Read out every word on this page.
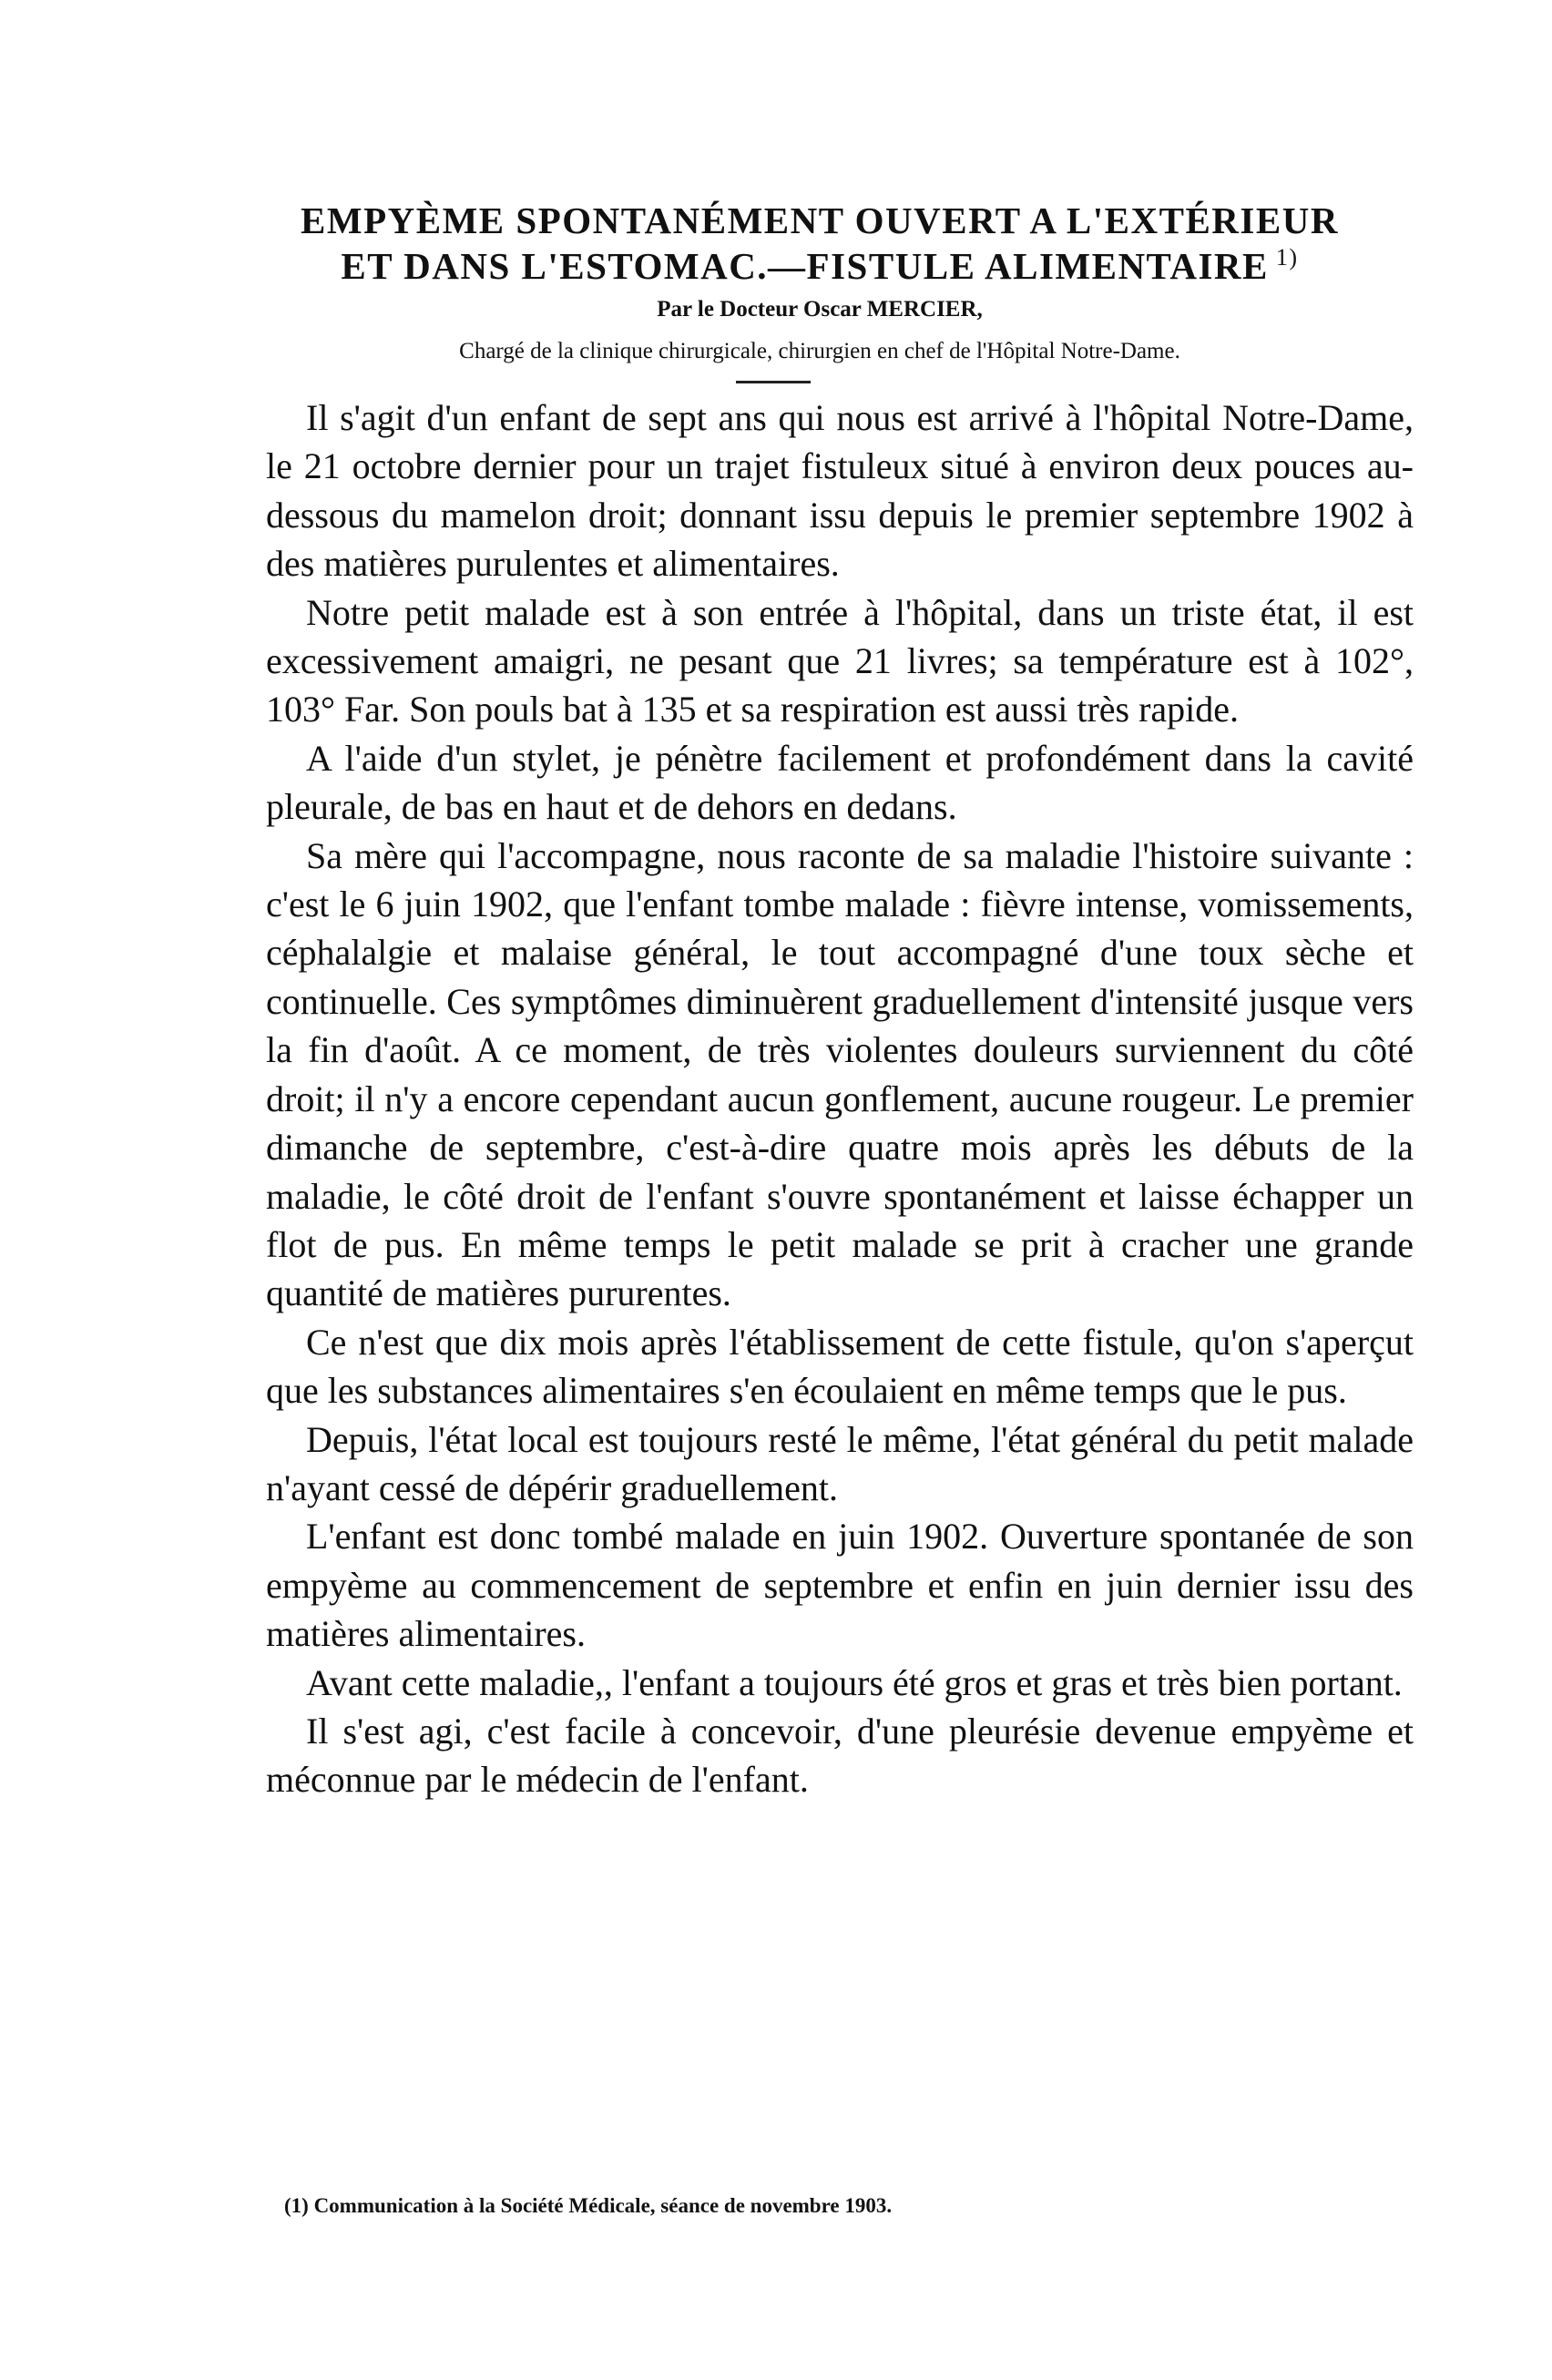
EMPYÈME SPONTANÉMENT OUVERT A L'EXTÉRIEUR
ET DANS L'ESTOMAC.—FISTULE ALIMENTAIRE $^{1)}$
Par le Docteur Oscar MERCIER,
Chargé de la clinique chirurgicale, chirurgien en chef de l'Hôpital Notre-Dame.

Il s'agit d'un enfant de sept ans qui nous est arrivé à l'hôpital Notre-Dame, le 21 octobre dernier pour un trajet fistuleux situé à environ deux pouces au-dessous du mamelon droit; donnant issu depuis le premier septembre 1902 à des matières purulentes et alimentaires.

Notre petit malade est à son entrée à l'hôpital, dans un triste état, il est excessivement amaigri, ne pesant que 21 livres; sa température est à 102°, 103° Far. Son pouls bat à 135 et sa respiration est aussi très rapide.

A l'aide d'un stylet, je pénètre facilement et profondément dans la cavité pleurale, de bas en haut et de dehors en dedans.

Sa mère qui l'accompagne, nous raconte de sa maladie l'histoire suivante : c'est le 6 juin 1902, que l'enfant tombe malade : fièvre intense, vomissements, céphalalgie et malaise général, le tout accompagné d'une toux sèche et continuelle. Ces symptômes diminuèrent graduellement d'intensité jusque vers la fin d'août. A ce moment, de très violentes douleurs surviennent du côté droit; il n'y a encore cependant aucun gonflement, aucune rougeur. Le premier dimanche de septembre, c'est-à-dire quatre mois après les débuts de la maladie, le côté droit de l'enfant s'ouvre spontanément et laisse échapper un flot de pus. En même temps le petit malade se prit à cracher une grande quantité de matières pururentes.

Ce n'est que dix mois après l'établissement de cette fistule, qu'on s'aperçut que les substances alimentaires s'en écoulaient en même temps que le pus.

Depuis, l'état local est toujours resté le même, l'état général du petit malade n'ayant cessé de dépérir graduellement.

L'enfant est donc tombé malade en juin 1902. Ouverture spontanée de son empyème au commencement de septembre et enfin en juin dernier issu des matières alimentaires.

Avant cette maladie,, l'enfant a toujours été gros et gras et très bien portant.

Il s'est agi, c'est facile à concevoir, d'une pleurésie devenue empyème et méconnue par le médecin de l'enfant.

(1) Communication à la Société Médicale, séance de novembre 1903.
